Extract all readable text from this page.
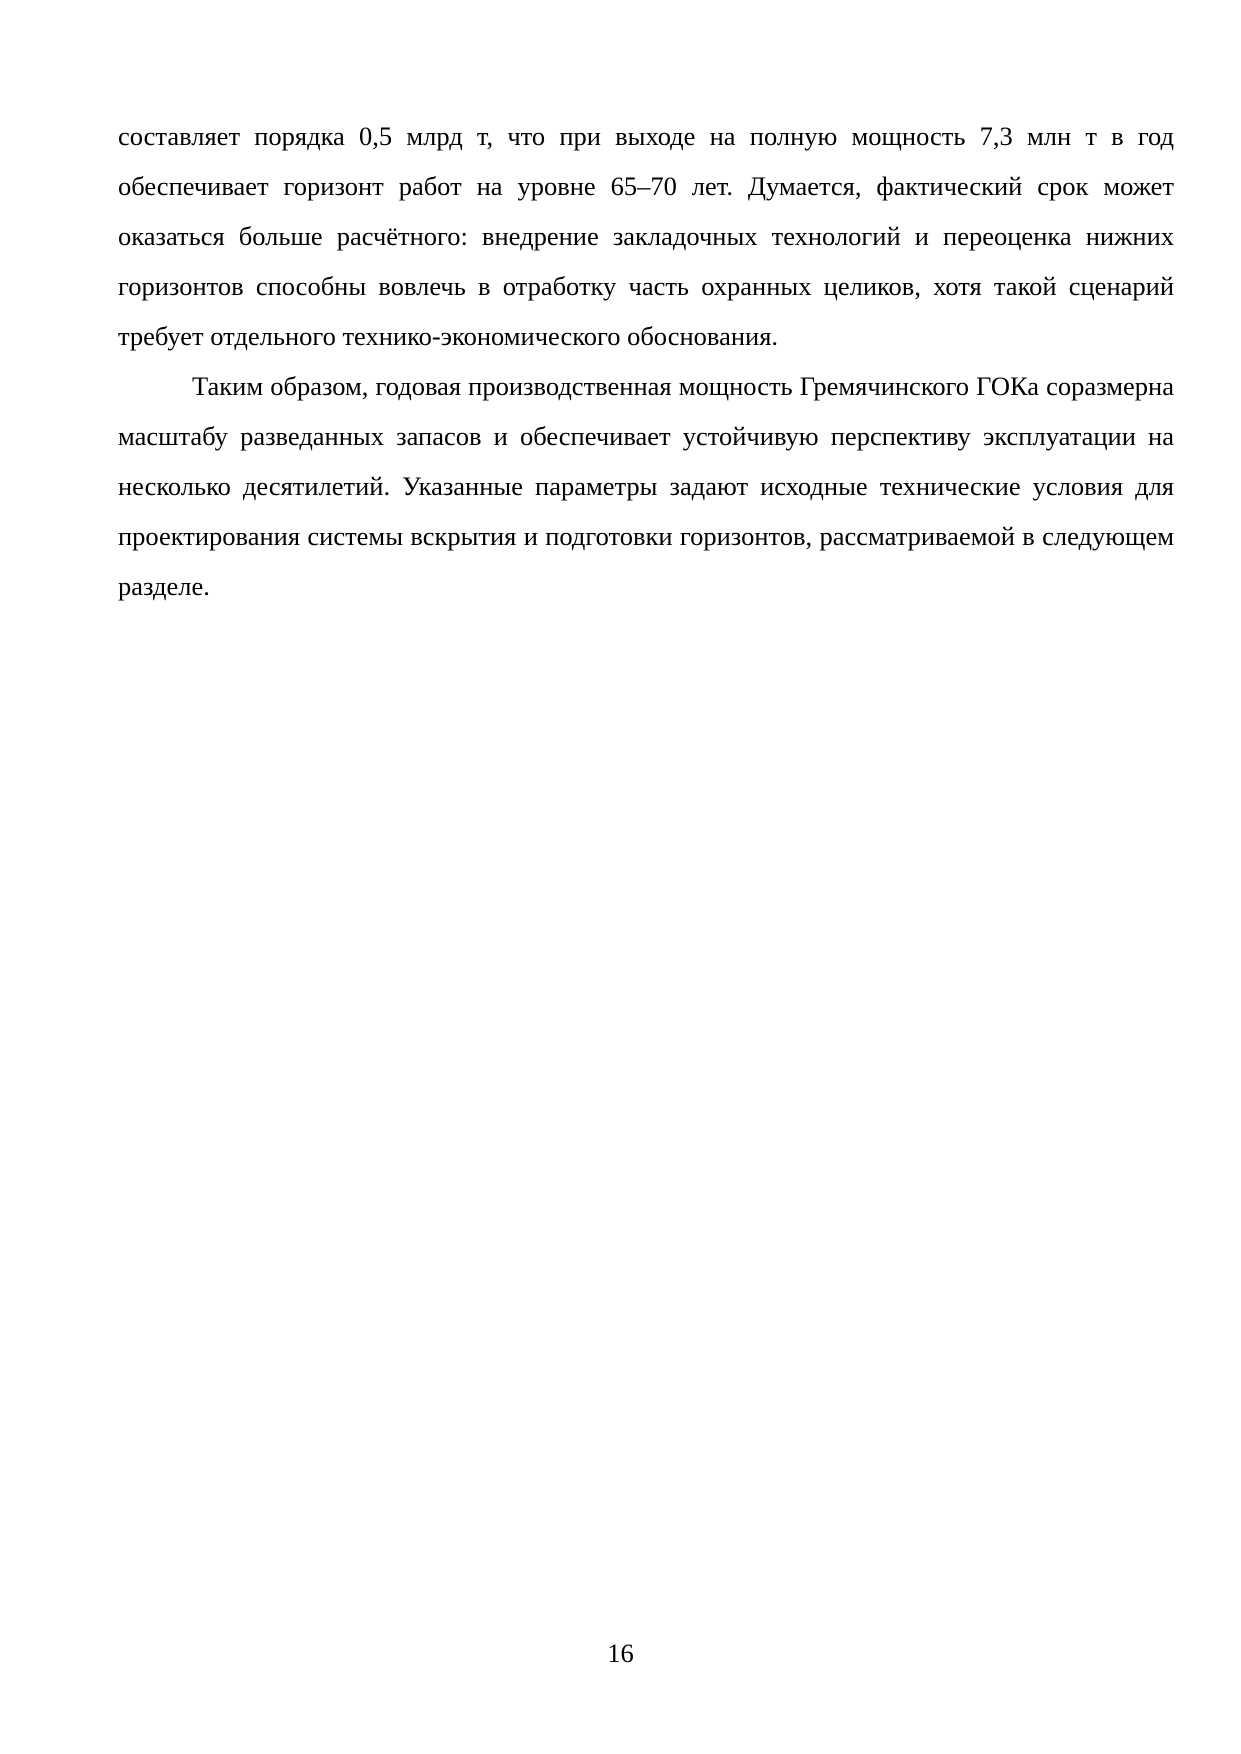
составляет порядка 0,5 млрд т, что при выходе на полную мощность 7,3 млн т в год обеспечивает горизонт работ на уровне 65–70 лет. Думается, фактический срок может оказаться больше расчётного: внедрение закладочных технологий и переоценка нижних горизонтов способны вовлечь в отработку часть охранных целиков, хотя такой сценарий требует отдельного технико-экономического обоснования.

Таким образом, годовая производственная мощность Гремячинского ГОКа соразмерна масштабу разведанных запасов и обеспечивает устойчивую перспективу эксплуатации на несколько десятилетий. Указанные параметры задают исходные технические условия для проектирования системы вскрытия и подготовки горизонтов, рассматриваемой в следующем разделе.

16
